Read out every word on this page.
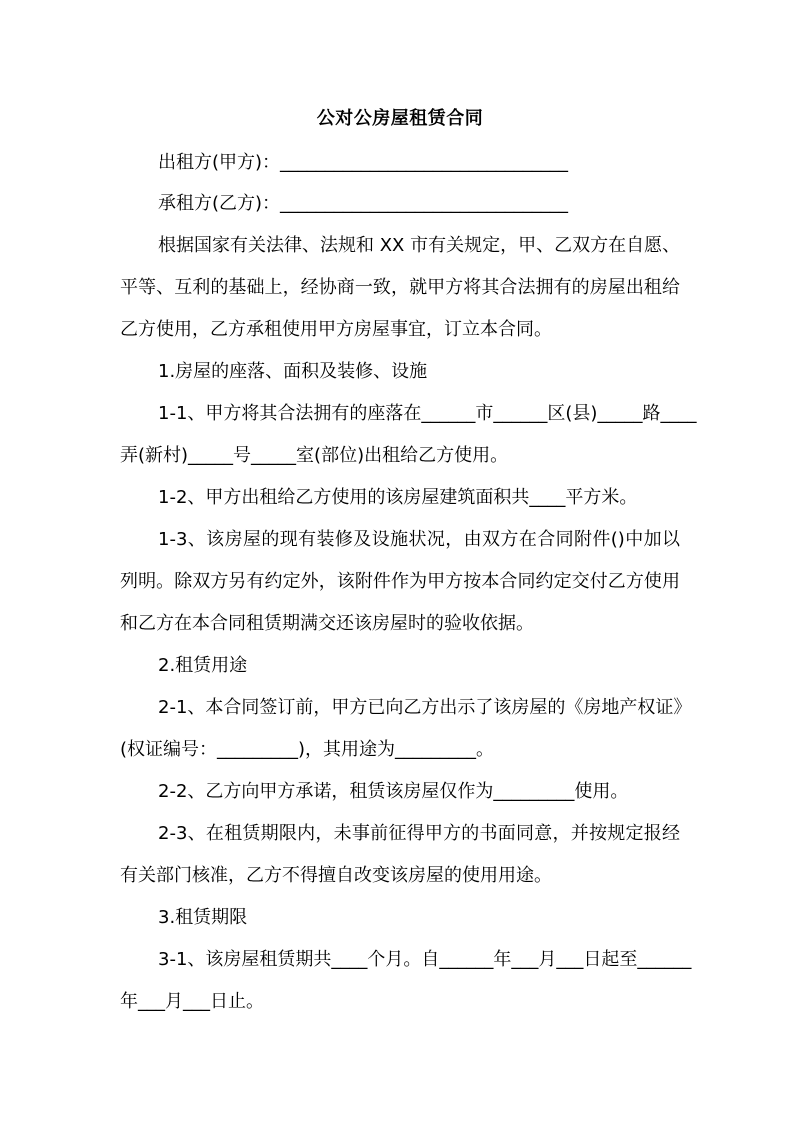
公对公房屋租赁合同
出租方(甲方)：________________________________
承租方(乙方)：________________________________
根据国家有关法律、法规和 XX 市有关规定，甲、乙双方在自愿、
平等、互利的基础上，经协商一致，就甲方将其合法拥有的房屋出租给
乙方使用，乙方承租使用甲方房屋事宜，订立本合同。
1.房屋的座落、面积及装修、设施
1-1、甲方将其合法拥有的座落在______市______区(县)_____路____
弄(新村)_____号_____室(部位)出租给乙方使用。
1-2、甲方出租给乙方使用的该房屋建筑面积共____平方米。
1-3、该房屋的现有装修及设施状况，由双方在合同附件()中加以
列明。除双方另有约定外，该附件作为甲方按本合同约定交付乙方使用
和乙方在本合同租赁期满交还该房屋时的验收依据。
2.租赁用途
2-1、本合同签订前，甲方已向乙方出示了该房屋的《房地产权证》
(权证编号：_________)，其用途为_________。
2-2、乙方向甲方承诺，租赁该房屋仅作为_________使用。
2-3、在租赁期限内，未事前征得甲方的书面同意，并按规定报经
有关部门核准，乙方不得擅自改变该房屋的使用用途。
3.租赁期限
3-1、该房屋租赁期共____个月。自______年___月___日起至______
年___月___日止。
